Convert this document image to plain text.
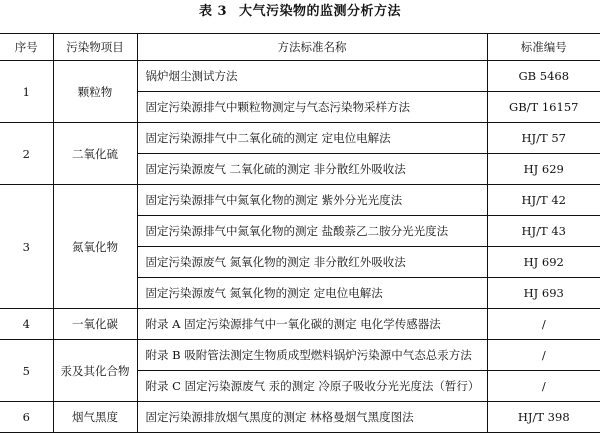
表 3 大气污染物的监测分析方法
序号	污染物项目	方法标准名称	标准编号
1	颗粒物	锅炉烟尘测试方法	GB 5468
		固定污染源排气中颗粒物测定与气态污染物采样方法	GB/T 16157
2	二氧化硫	固定污染源排气中二氧化硫的测定 定电位电解法	HJ/T 57
		固定污染源废气 二氧化硫的测定 非分散红外吸收法	HJ 629
3	氮氧化物	固定污染源排气中氮氧化物的测定 紫外分光光度法	HJ/T 42
		固定污染源排气中氮氧化物的测定 盐酸萘乙二胺分光光度法	HJ/T 43
		固定污染源废气 氮氧化物的测定 非分散红外吸收法	HJ 692
		固定污染源废气 氮氧化物的测定 定电位电解法	HJ 693
4	一氧化碳	附录 A 固定污染源排气中一氧化碳的测定 电化学传感器法	/
5	汞及其化合物	附录 B 吸附管法测定生物质成型燃料锅炉污染源中气态总汞方法	/
		附录 C 固定污染源废气 汞的测定 冷原子吸收分光光度法（暂行）	/
6	烟气黑度	固定污染源排放烟气黑度的测定 林格曼烟气黑度图法	HJ/T 398
